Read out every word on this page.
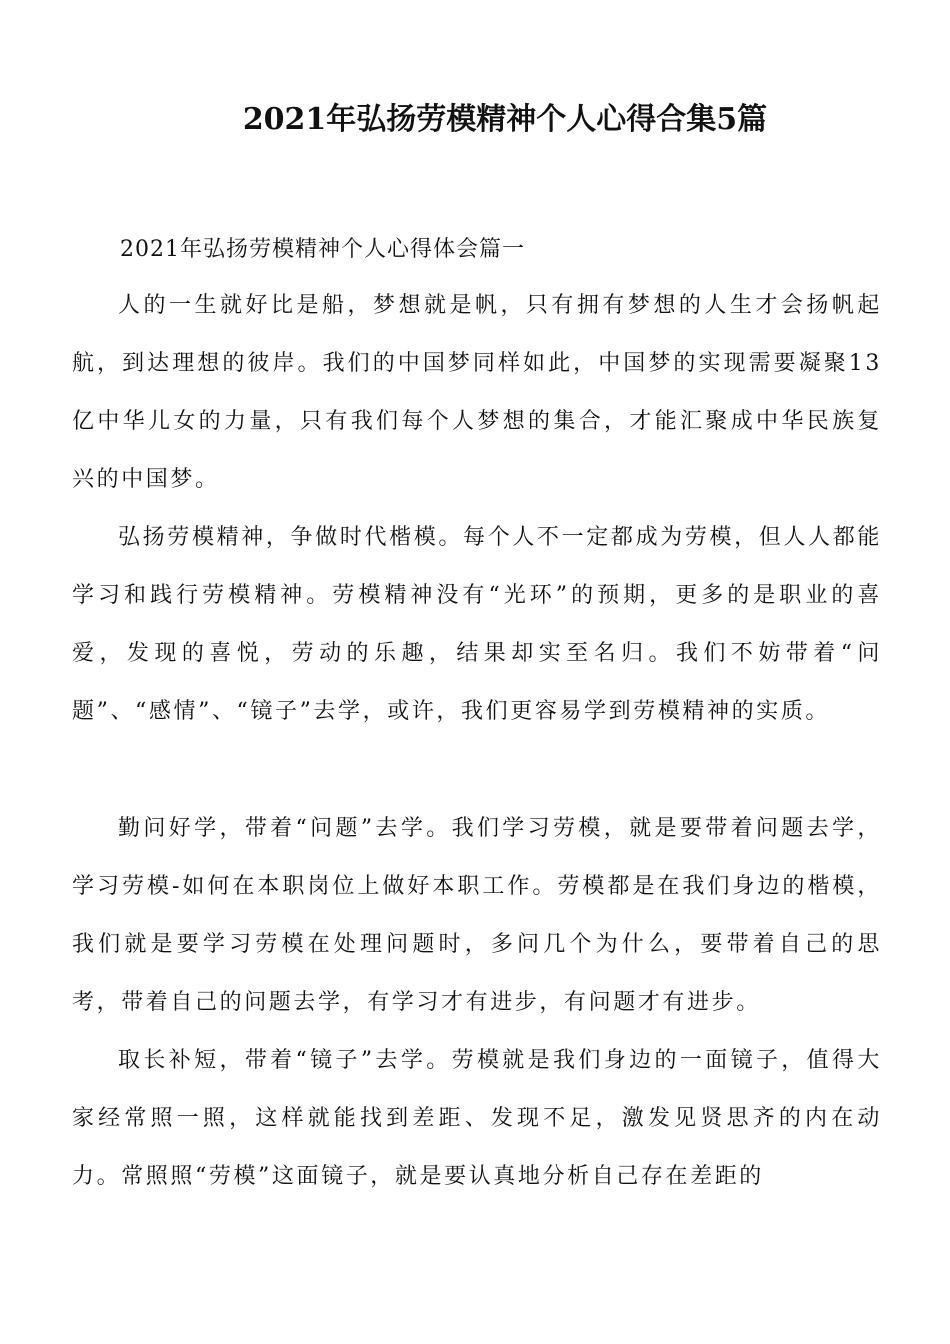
2021年弘扬劳模精神个人心得合集5篇
2021年弘扬劳模精神个人心得体会篇一

人的一生就好比是船，梦想就是帆，只有拥有梦想的人生才会扬帆起航，到达理想的彼岸。我们的中国梦同样如此，中国梦的实现需要凝聚13亿中华儿女的力量，只有我们每个人梦想的集合，才能汇聚成中华民族复兴的中国梦。

弘扬劳模精神，争做时代楷模。每个人不一定都成为劳模，但人人都能学习和践行劳模精神。劳模精神没有“光环”的预期，更多的是职业的喜爱，发现的喜悦，劳动的乐趣，结果却实至名归。我们不妨带着“问题”、“感情”、“镜子”去学，或许，我们更容易学到劳模精神的实质。

勤问好学，带着“问题”去学。我们学习劳模，就是要带着问题去学，学习劳模-如何在本职岗位上做好本职工作。劳模都是在我们身边的楷模，我们就是要学习劳模在处理问题时，多问几个为什么，要带着自己的思考，带着自己的问题去学，有学习才有进步，有问题才有进步。

取长补短，带着“镜子”去学。劳模就是我们身边的一面镜子，值得大家经常照一照，这样就能找到差距、发现不足，激发见贤思齐的内在动力。常照照“劳模”这面镜子，就是要认真地分析自己存在差距的
